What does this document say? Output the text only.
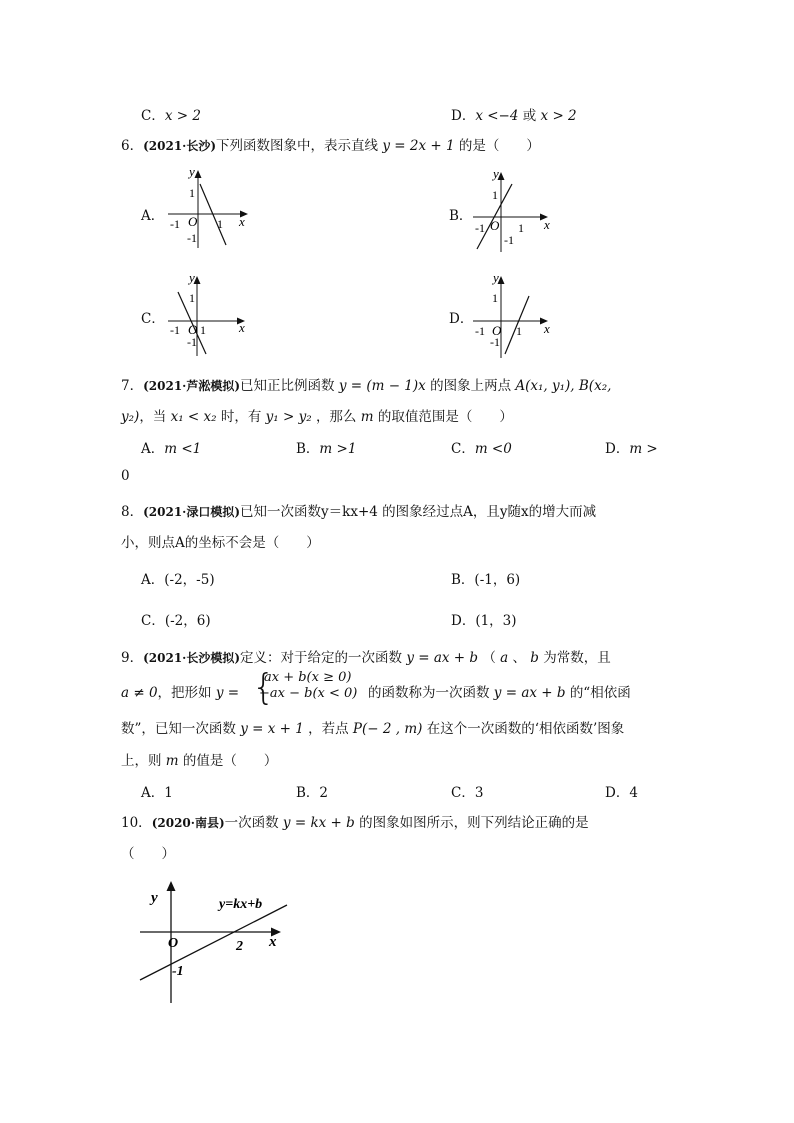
C．x > 2	D．x <−4 或 x > 2
6．(2021·长沙)下列函数图象中，表示直线 y = 2x + 1 的是（　　）
A．	x
y
1
-1
-1	1
O	B．
x
y
1
-1
-1	1
O
C．
x
y
1
-1
-1 1
O
D．
x
y
1
-1
-1	1
O
7．(2021·芦淞模拟)已知正比例函数 y = (m − 1)x 的图象上两点 A(x₁, y₁), B(x₂,
y₂)，当 x₁ < x₂ 时，有 y₁ > y₂ ，那么 m 的取值范围是（　　）
A．m <1	B．m >1	C．m <0	D．m >
0
8．(2021·渌口模拟)已知一次函数y＝kx+4 的图象经过点A，且y随x的增大而减
小，则点A的坐标不会是（　　）
A．(-2，-5)	B．(-1，6)
C．(-2，6)	D．(1，3)
9．(2021·长沙模拟)定义：对于给定的一次函数 y = ax + b （ a 、 b 为常数，且
a ≠ 0，把形如 y = {
ax + b(x ≥ 0)
−ax − b(x < 0) 的函数称为一次函数 y = ax + b 的“相依函
数”，已知一次函数 y = x + 1 ，若点 P(− 2 , m) 在这个一次函数的‘相依函数’图象
上，则 m 的值是（　　）
A．1	B．2	C．3	D．4
10．(2020·南县)一次函数 y = kx + b 的图象如图所示，则下列结论正确的是
（　　）
x
y
O	2
-1
y=kx+b
